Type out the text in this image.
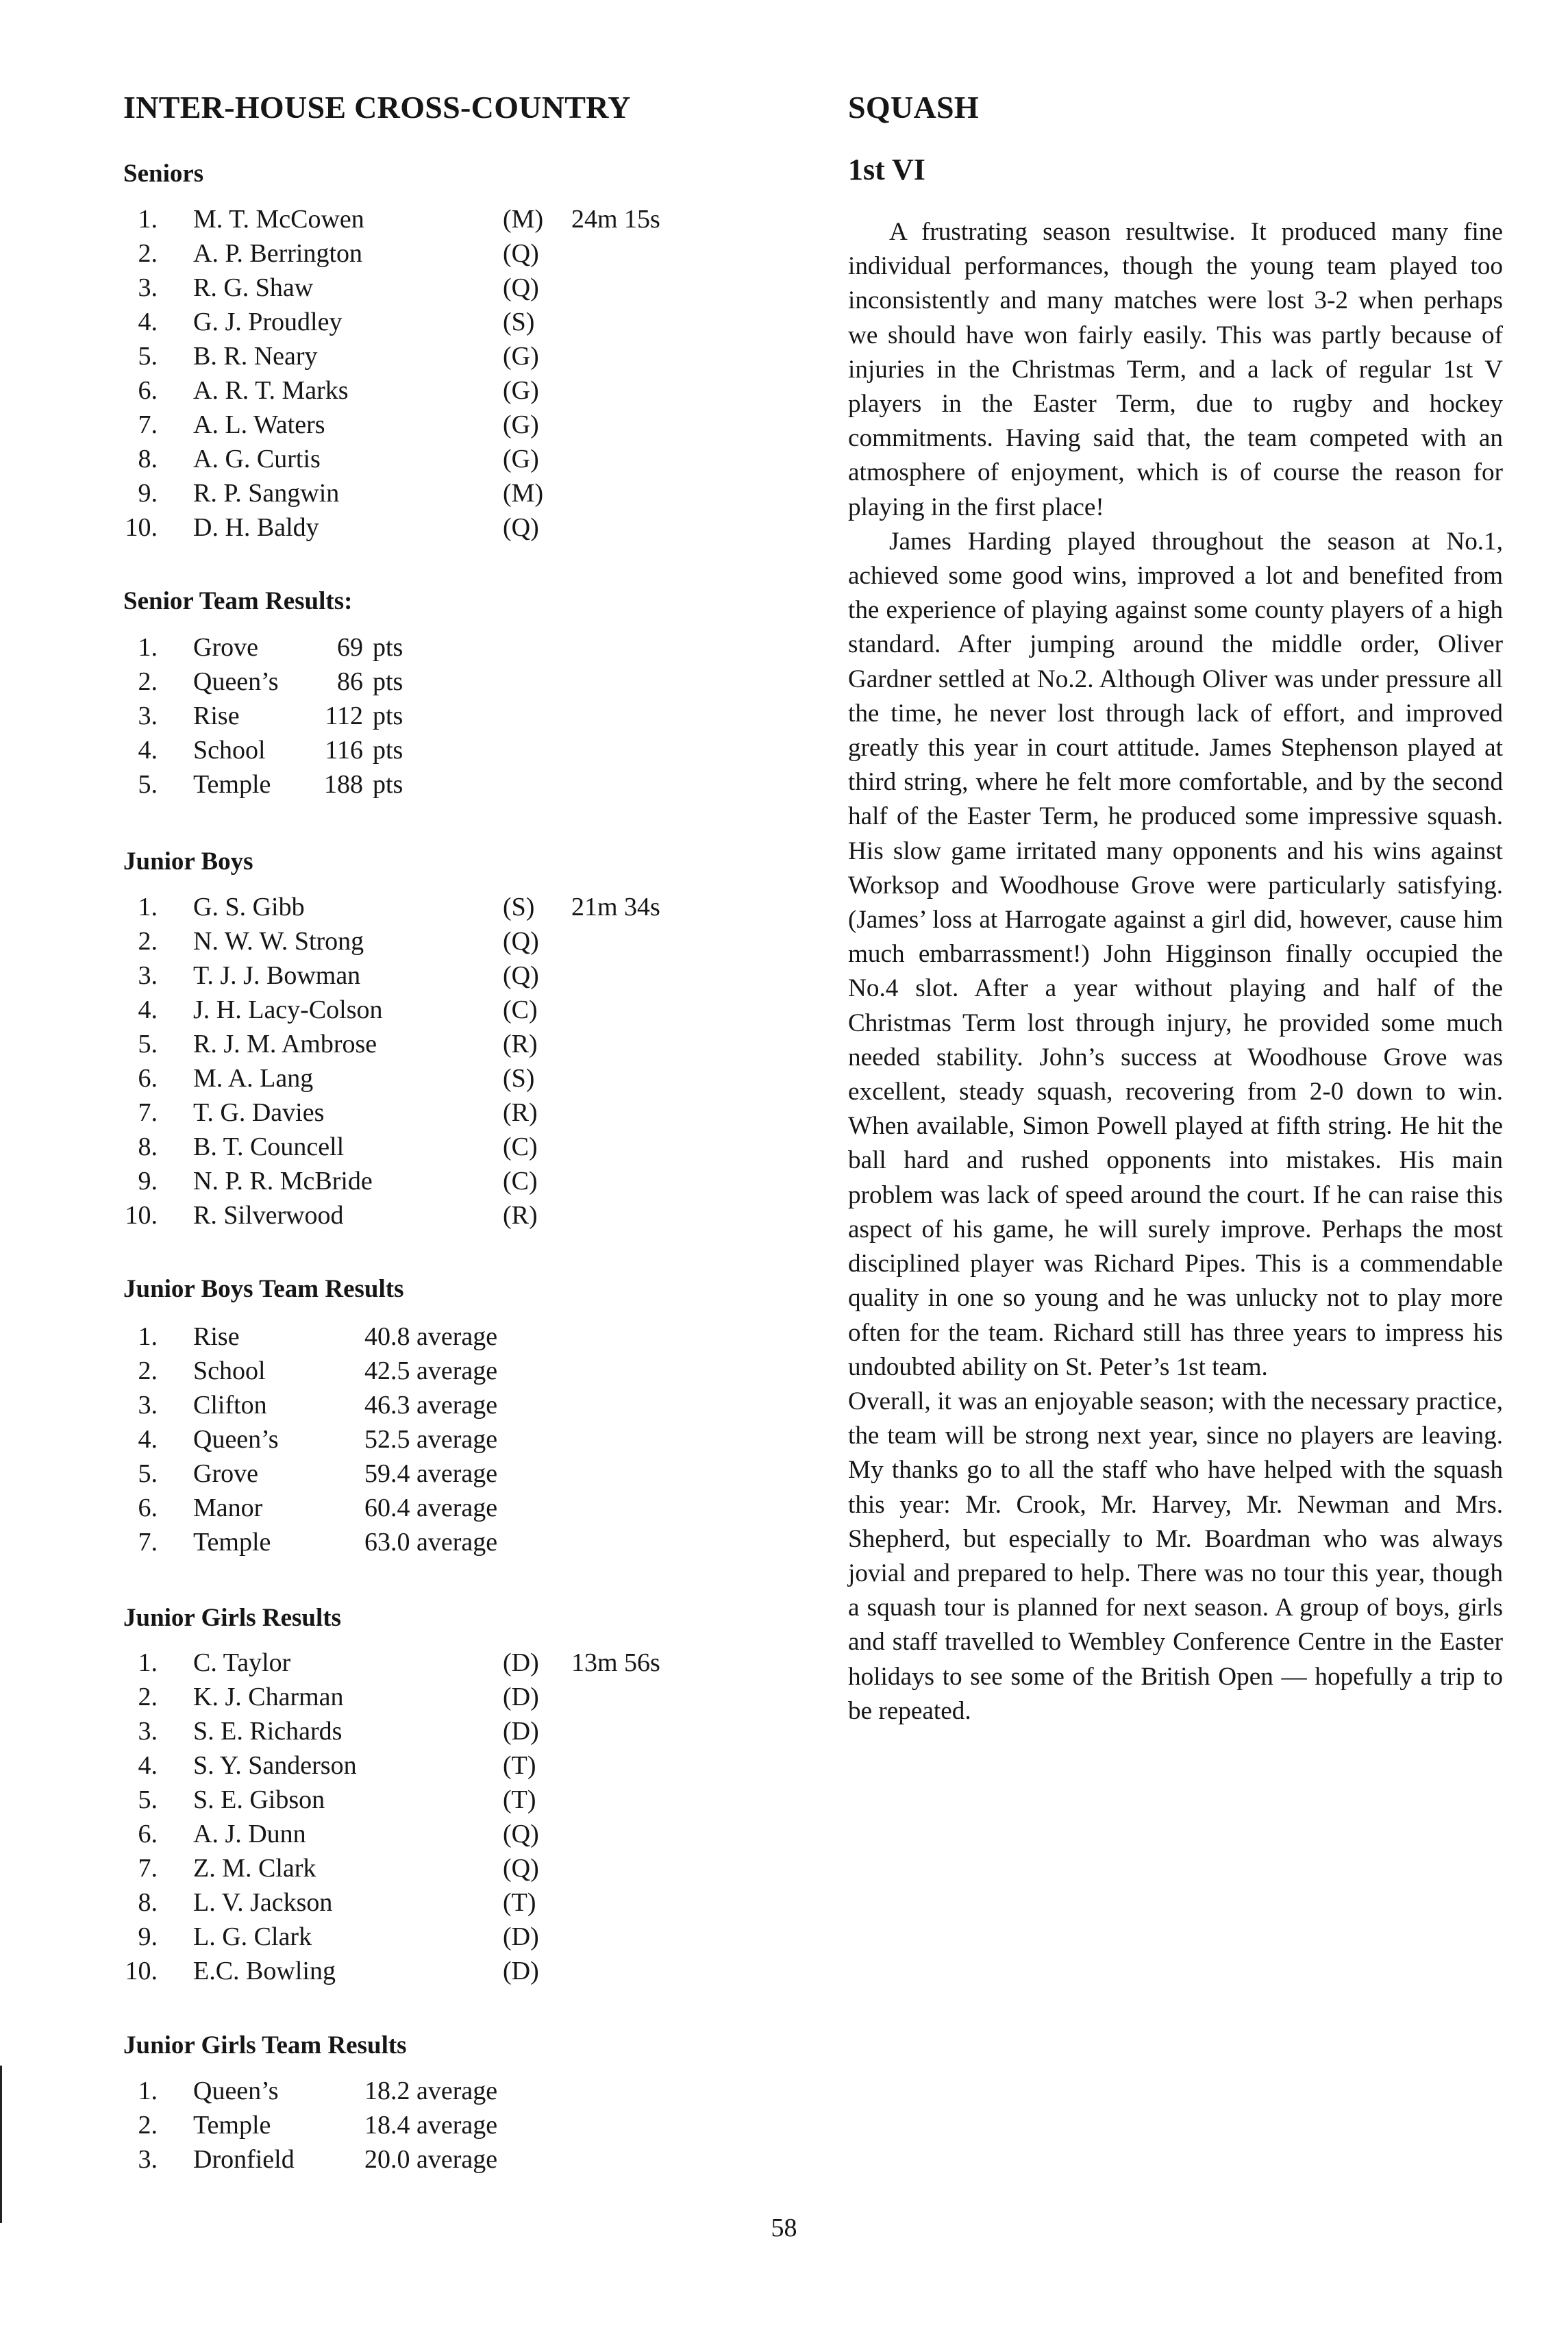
INTER-HOUSE CROSS-COUNTRY
Seniors
1. M. T. McCowen	(M) 24m 15s
2. A. P. Berrington	(Q)
3. R. G. Shaw	(Q)
4. G. J. Proudley	(S)
5. B. R. Neary	(G)
6. A. R. T. Marks	(G)
7. A. L. Waters	(G)
8. A. G. Curtis	(G)
9. R. P. Sangwin	(M)
10. D. H. Baldy	(Q)
Senior Team Results:
1. Grove	69 pts
2. Queen’s 86 pts
3. Rise	112 pts
4. School 116 pts
5. Temple 188 pts
Junior Boys
1. G. S. Gibb	(S) 21m 34s
2. N. W. W. Strong	(Q)
3. T. J. J. Bowman	(Q)
4. J. H. Lacy-Colson	(C)
5. R. J. M. Ambrose	(R)
6. M. A. Lang	(S)
7. T. G. Davies	(R)
8. B. T. Councell	(C)
9. N. P. R. McBride	(C)
10. R. Silverwood	(R)
Junior Boys Team Results
1. Rise	40.8 average
2. School	42.5 average
3. Clifton	46.3 average
4. Queen’s	52.5 average
5. Grove	59.4 average
6. Manor	60.4 average
7. Temple	63.0 average
Junior Girls Results
1. C. Taylor	(D) 13m 56s
2. K. J. Charman	(D)
3. S. E. Richards	(D)
4. S. Y. Sanderson	(T)
5. S. E. Gibson	(T)
6. A. J. Dunn	(Q)
7. Z. M. Clark	(Q)
8. L. V. Jackson	(T)
9. L. G. Clark	(D)
10. E.C. Bowling	(D)
Junior Girls Team Results
1. Queen’s	18.2 average
2. Temple	18.4 average
3. Dronfield	20.0 average
SQUASH
1st VI

A frustrating season resultwise. It produced many fine individual performances, though the young team played too inconsistently and many matches were lost 3-2 when perhaps we should have won fairly easily. This was partly because of injuries in the Christmas Term, and a lack of regular 1st V players in the Easter Term, due to rugby and hockey commitments. Having said that, the team competed with an atmosphere of enjoyment, which is of course the reason for playing in the first place!

James Harding played throughout the season at No.1, achieved some good wins, improved a lot and benefited from the experience of playing against some county players of a high standard. After jumping around the middle order, Oliver Gardner settled at No.2. Although Oliver was under pressure all the time, he never lost through lack of effort, and improved greatly this year in court attitude. James Stephenson played at third string, where he felt more comfortable, and by the second half of the Easter Term, he produced some impressive squash. His slow game irritated many opponents and his wins against Worksop and Woodhouse Grove were particularly satisfying. (James’ loss at Harrogate against a girl did, however, cause him much embarrassment!) John Higginson finally occupied the No.4 slot. After a year without playing and half of the Christmas Term lost through injury, he provided some much needed stability. John’s success at Woodhouse Grove was excellent, steady squash, recovering from 2-0 down to win. When available, Simon Powell played at fifth string. He hit the ball hard and rushed opponents into mistakes. His main problem was lack of speed around the court. If he can raise this aspect of his game, he will surely improve. Perhaps the most disciplined player was Richard Pipes. This is a commendable quality in one so young and he was unlucky not to play more often for the team. Richard still has three years to impress his undoubted ability on St. Peter’s 1st team.

Overall, it was an enjoyable season; with the necessary practice, the team will be strong next year, since no players are leaving. My thanks go to all the staff who have helped with the squash this year: Mr. Crook, Mr. Harvey, Mr. Newman and Mrs. Shepherd, but especially to Mr. Boardman who was always jovial and prepared to help. There was no tour this year, though a squash tour is planned for next season. A group of boys, girls and staff travelled to Wembley Conference Centre in the Easter holidays to see some of the British Open — hopefully a trip to be repeated.

58
